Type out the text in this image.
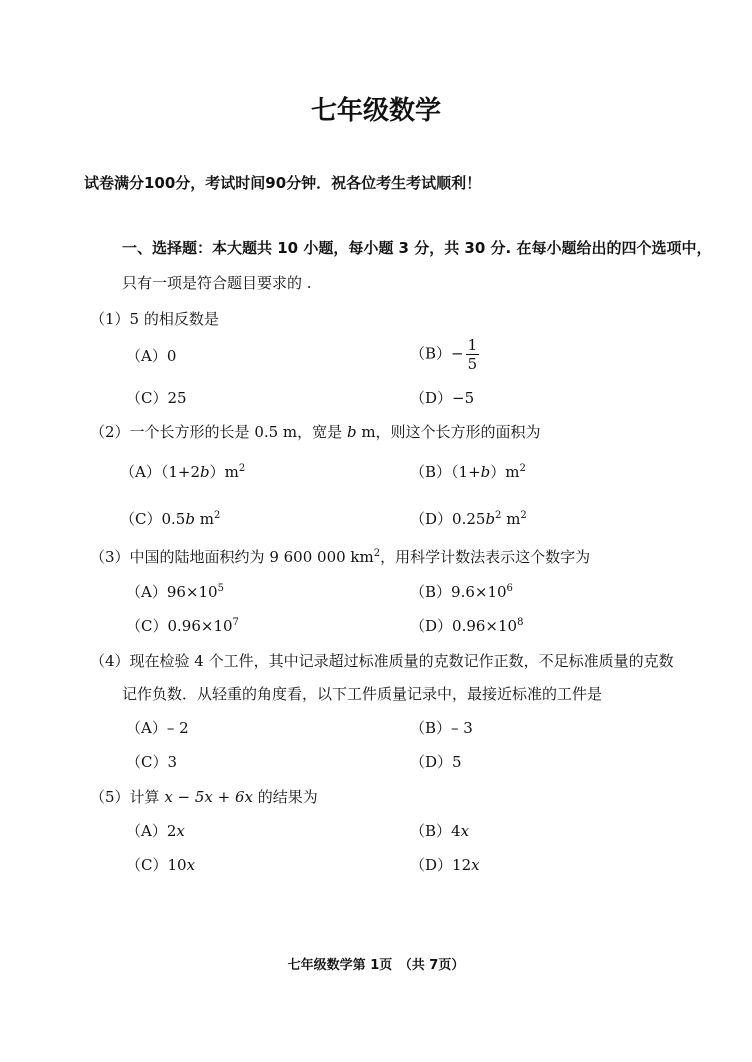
七年级数学
试卷满分100分，考试时间90分钟．祝各位考生考试顺利！
一、选择题：本大题共 10 小题，每小题 3 分，共 30 分. 在每小题给出的四个选项中，
只有一项是符合题目要求的 .
（1）5 的相反数是
（A）0	$(B)- \frac{1}{5}$
（C）25	（D）−5
（2）一个长方形的长是 0.5 m，宽是 b m，则这个长方形的面积为
$(A)(1+2b)m^2$	$(B)(1+b)m^2$
（C）0.5b $m^2$	$(D)0.25b^2$ $m^2$
（3）中国的陆地面积约为 9 600 000 $km^2$，用科学计数法表示这个数字为
$(A)96\times 10^5$	$(B)9.6\times 10^6$
$(C)0.96\times 10^7$	$(D)0.96\times 10^8$
（4）现在检验 4 个工件，其中记录超过标准质量的克数记作正数，不足标准质量的克数
记作负数．从轻重的角度看，以下工件质量记录中，最接近标准的工件是
（A）– 2	（B）– 3
（C）3	（D）5
（5）计算 x − 5x + 6x 的结果为
（A）2x	（B）4x
（C）10x	（D）12x
七年级数学第 1页　（共 7页）
